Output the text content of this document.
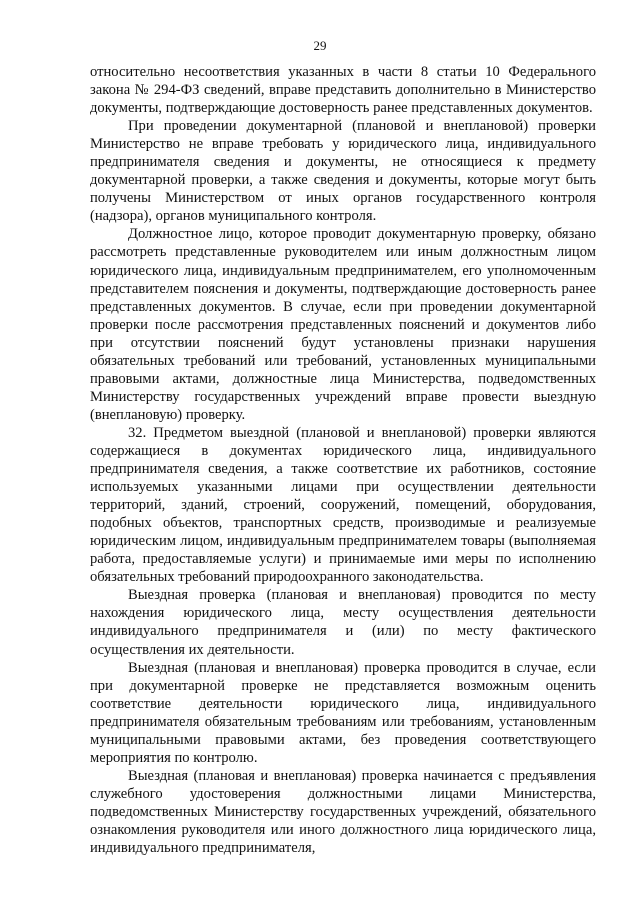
29

относительно несоответствия указанных в части 8 статьи 10 Федерального закона № 294-ФЗ сведений, вправе представить дополнительно в Министерство документы, подтверждающие достоверность ранее представленных документов.

При проведении документарной (плановой и внеплановой) проверки Министерство не вправе требовать у юридического лица, индивидуального предпринимателя сведения и документы, не относящиеся к предмету документарной проверки, а также сведения и документы, которые могут быть получены Министерством от иных органов государственного контроля (надзора), органов муниципального контроля.

Должностное лицо, которое проводит документарную проверку, обязано рассмотреть представленные руководителем или иным должностным лицом юридического лица, индивидуальным предпринимателем, его уполномоченным представителем пояснения и документы, подтверждающие достоверность ранее представленных документов. В случае, если при проведении документарной проверки после рассмотрения представленных пояснений и документов либо при отсутствии пояснений будут установлены признаки нарушения обязательных требований или требований, установленных муниципальными правовыми актами, должностные лица Министерства, подведомственных Министерству государственных учреждений вправе провести выездную (внеплановую) проверку.

32. Предметом выездной (плановой и внеплановой) проверки являются содержащиеся в документах юридического лица, индивидуального предпринимателя сведения, а также соответствие их работников, состояние используемых указанными лицами при осуществлении деятельности территорий, зданий, строений, сооружений, помещений, оборудования, подобных объектов, транспортных средств, производимые и реализуемые юридическим лицом, индивидуальным предпринимателем товары (выполняемая работа, предоставляемые услуги) и принимаемые ими меры по исполнению обязательных требований природоохранного законодательства.

Выездная проверка (плановая и внеплановая) проводится по месту нахождения юридического лица, месту осуществления деятельности индивидуального предпринимателя и (или) по месту фактического осуществления их деятельности.

Выездная (плановая и внеплановая) проверка проводится в случае, если при документарной проверке не представляется возможным оценить соответствие деятельности юридического лица, индивидуального предпринимателя обязательным требованиям или требованиям, установленным муниципальными правовыми актами, без проведения соответствующего мероприятия по контролю.

Выездная (плановая и внеплановая) проверка начинается с предъявления служебного удостоверения должностными лицами Министерства, подведомственных Министерству государственных учреждений, обязательного ознакомления руководителя или иного должностного лица юридического лица, индивидуального предпринимателя,
